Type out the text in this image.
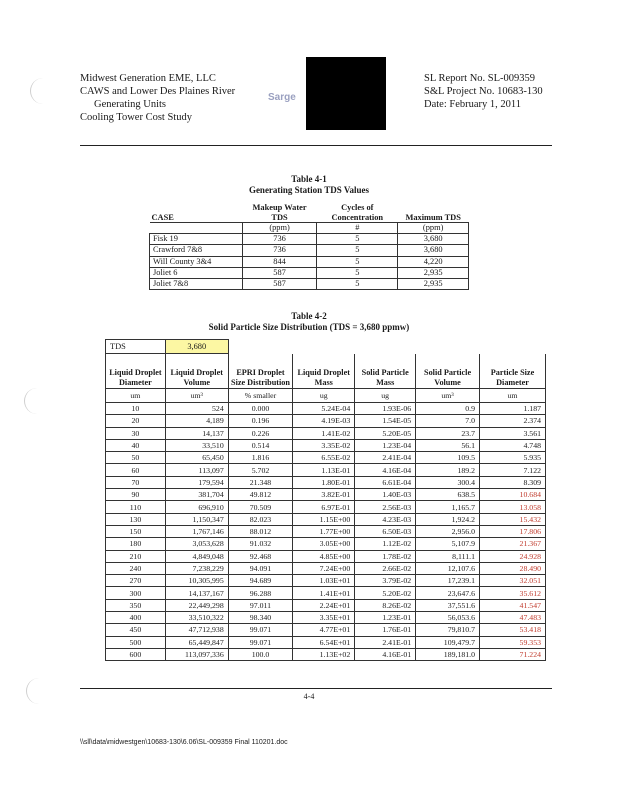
Midwest Generation EME, LLC
CAWS and Lower Des Plaines River
Generating Units
Cooling Tower Cost Study
Sarge
SL Report No. SL-009359
S&L Project No. 10683-130
Date: February 1, 2011
Table 4-1
Generating Station TDS Values
CASE	Makeup Water TDS	Cycles of Concentration	Maximum TDS
	(ppm)	#	(ppm)
Fisk 19	736	5	3,680
Crawford 7&8	736	5	3,680
Will County 3&4	844	5	4,220
Joliet 6	587	5	2,935
Joliet 7&8	587	5	2,935
Table 4-2
Solid Particle Size Distribution (TDS = 3,680 ppmw)
TDS	3,680					
Liquid Droplet Diameter	Liquid Droplet Volume	EPRI Droplet Size Distribution	Liquid Droplet Mass	Solid Particle Mass	Solid Particle Volume	Particle Size Diameter
um	um³	% smaller	ug	ug	um³	um
10	524	0.000	5.24E-04	1.93E-06	0.9	1.187
20	4,189	0.196	4.19E-03	1.54E-05	7.0	2.374
30	14,137	0.226	1.41E-02	5.20E-05	23.7	3.561
40	33,510	0.514	3.35E-02	1.23E-04	56.1	4.748
50	65,450	1.816	6.55E-02	2.41E-04	109.5	5.935
60	113,097	5.702	1.13E-01	4.16E-04	189.2	7.122
70	179,594	21.348	1.80E-01	6.61E-04	300.4	8.309
90	381,704	49.812	3.82E-01	1.40E-03	638.5	10.684
110	696,910	70.509	6.97E-01	2.56E-03	1,165.7	13.058
130	1,150,347	82.023	1.15E+00	4.23E-03	1,924.2	15.432
150	1,767,146	88.012	1.77E+00	6.50E-03	2,956.0	17.806
180	3,053,628	91.032	3.05E+00	1.12E-02	5,107.9	21.367
210	4,849,048	92.468	4.85E+00	1.78E-02	8,111.1	24.928
240	7,238,229	94.091	7.24E+00	2.66E-02	12,107.6	28.490
270	10,305,995	94.689	1.03E+01	3.79E-02	17,239.1	32.051
300	14,137,167	96.288	1.41E+01	5.20E-02	23,647.6	35.612
350	22,449,298	97.011	2.24E+01	8.26E-02	37,551.6	41.547
400	33,510,322	98.340	3.35E+01	1.23E-01	56,053.6	47.483
450	47,712,938	99.071	4.77E+01	1.76E-01	79,810.7	53.418
500	65,449,847	99.071	6.54E+01	2.41E-01	109,479.7	59.353
600	113,097,336	100.0	1.13E+02	4.16E-01	189,181.0	71.224
4-4
\\sll\data\midwestgen\10683-130\6.06\SL-009359 Final 110201.doc
